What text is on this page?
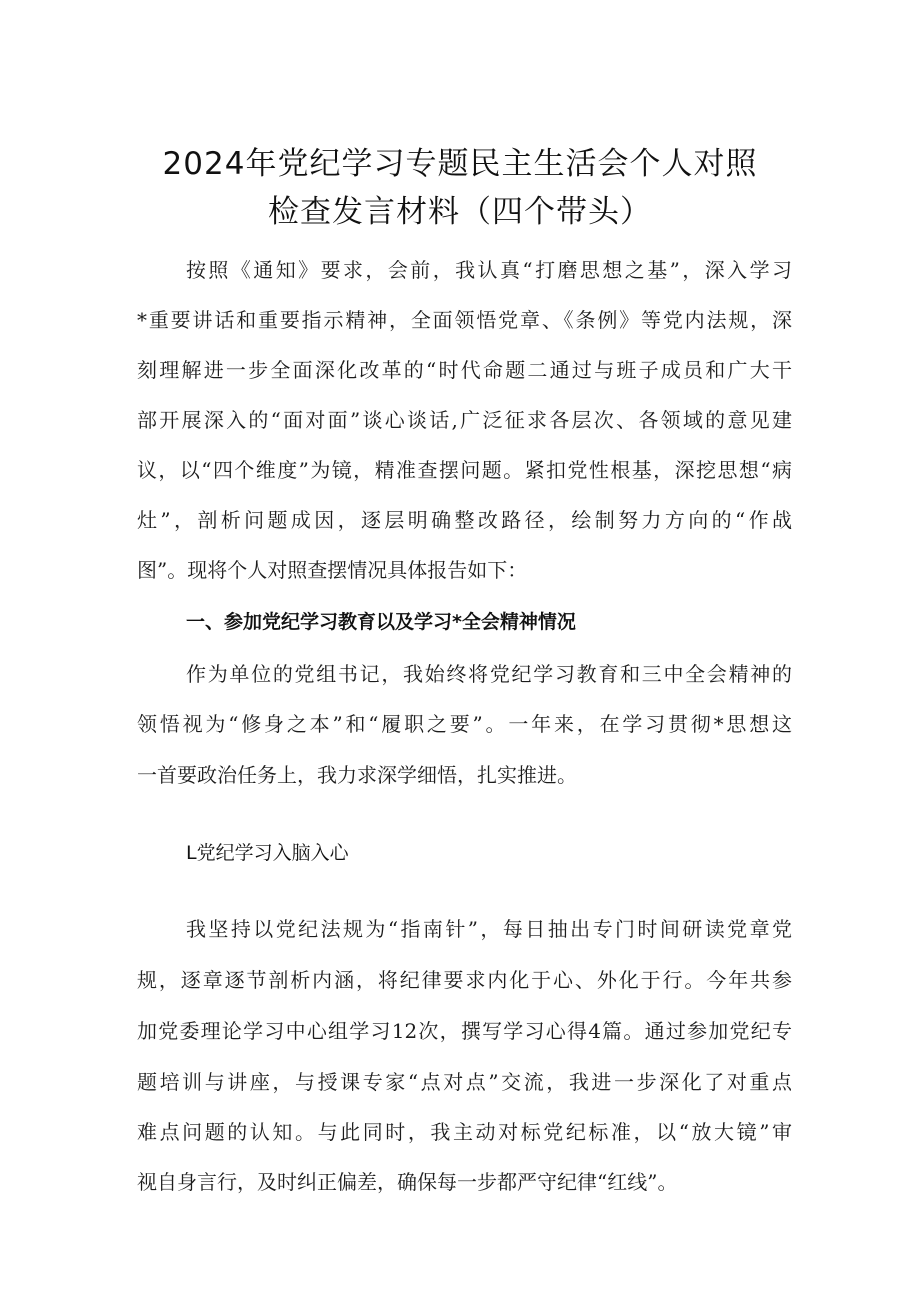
2024年党纪学习专题民主生活会个人对照
检查发言材料（四个带头）
按照《通知》要求，会前，我认真“打磨思想之基”，深入学习
*重要讲话和重要指示精神，全面领悟党章、《条例》等党内法规，深
刻理解进一步全面深化改革的“时代命题二通过与班子成员和广大干
部开展深入的“面对面”谈心谈话,广泛征求各层次、各领域的意见建
议，以“四个维度”为镜，精准查摆问题。紧扣党性根基，深挖思想“病
灶”，剖析问题成因，逐层明确整改路径，绘制努力方向的“作战
图”。现将个人对照查摆情况具体报告如下：
一、参加党纪学习教育以及学习*全会精神情况
作为单位的党组书记，我始终将党纪学习教育和三中全会精神的
领悟视为“修身之本”和“履职之要”。一年来，在学习贯彻*思想这
一首要政治任务上，我力求深学细悟，扎实推进。
L党纪学习入脑入心
我坚持以党纪法规为“指南针”，每日抽出专门时间研读党章党
规，逐章逐节剖析内涵，将纪律要求内化于心、外化于行。今年共参
加党委理论学习中心组学习12次，撰写学习心得4篇。通过参加党纪专
题培训与讲座，与授课专家“点对点”交流，我进一步深化了对重点
难点问题的认知。与此同时，我主动对标党纪标准，以“放大镜”审
视自身言行，及时纠正偏差，确保每一步都严守纪律“红线”。
